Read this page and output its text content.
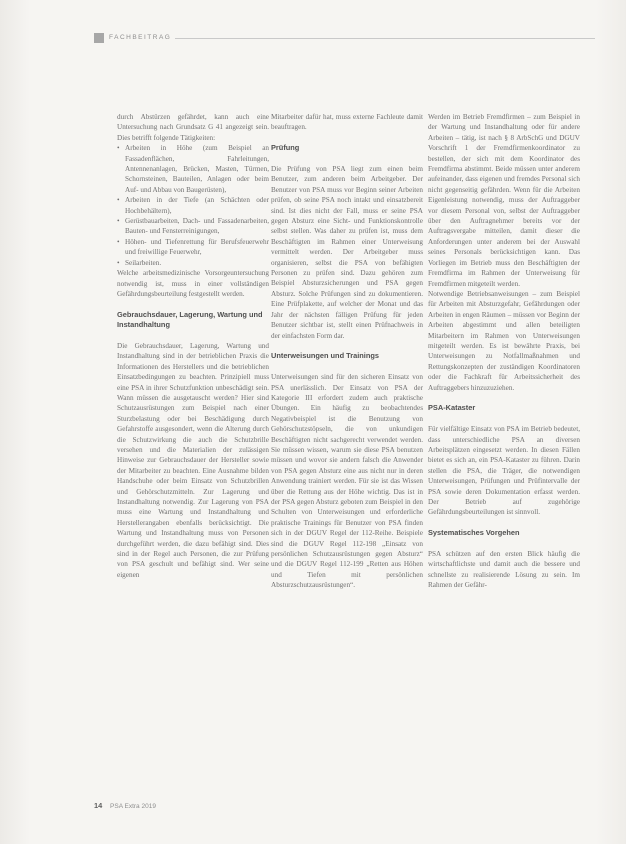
FACHBEITRAG

durch Abstürzen gefährdet, kann auch eine Untersuchung nach Grundsatz G 41 angezeigt sein. Dies betrifft folgende Tätigkeiten:

• Arbeiten in Höhe (zum Beispiel an Fassadenflächen, Fahrleitungen, Antennenanlagen, Brücken, Masten, Türmen, Schornsteinen, Bauteilen, Anlagen oder beim Auf- und Abbau von Baugerüsten),
• Arbeiten in der Tiefe (an Schächten oder Hochbehältern),
• Gerüstbauarbeiten, Dach- und Fassadenarbeiten, Bauten- und Fensterreinigungen,
• Höhen- und Tiefenrettung für Berufsfeuerwehr und freiwillige Feuerwehr,
• Seilarbeiten.

Welche arbeitsmedizinische Vorsorgeuntersuchung notwendig ist, muss in einer vollständigen Gefährdungsbeurteilung festgestellt werden.

Gebrauchsdauer, Lagerung, Wartung und Instandhaltung

Die Gebrauchsdauer, Lagerung, Wartung und Instandhaltung sind in der betrieblichen Praxis die Informationen des Herstellers und die betrieblichen Einsatzbedingungen zu beachten. Prinzipiell muss eine PSA in ihrer Schutzfunktion unbeschädigt sein. Wann müssen die ausgetauscht werden? Hier sind Schutzausrüstungen zum Beispiel nach einer Sturzbelastung oder bei Beschädigung durch Gefahrstoffe ausgesondert, wenn die Alterung durch die Schutzwirkung die auch die Schutzbrille versehen und die Materialien der zulässigen Hinweise zur Gebrauchsdauer der Hersteller sowie der Mitarbeiter zu beachten. Eine Ausnahme bilden Handschuhe oder beim Einsatz von Schutzbrillen und Gehörschutzmitteln. Zur Lagerung und Instandhaltung notwendig. Zur Lagerung von PSA muss eine Wartung und Instandhaltung und Herstellerangaben ebenfalls berücksichtigt. Die Wartung und Instandhaltung muss von Personen durchgeführt werden, die dazu befähigt sind. Dies sind in der Regel auch Personen, die zur Prüfung von PSA geschult und befähigt sind. Wer seine eigenen

Mitarbeiter dafür hat, muss externe Fachleute damit beauftragen.

Prüfung

Die Prüfung von PSA liegt zum einen beim Benutzer, zum anderen beim Arbeitgeber. Der Benutzer von PSA muss vor Beginn seiner Arbeiten prüfen, ob seine PSA noch intakt und einsatzbereit sind. Ist dies nicht der Fall, muss er seine PSA gegen Absturz eine Sicht- und Funktionskontrolle selbst stellen. Was daher zu prüfen ist, muss dem Beschäftigten im Rahmen einer Unterweisung vermittelt werden. Der Arbeitgeber muss organisieren, selbst die PSA von befähigten Personen zu prüfen sind. Dazu gehören zum Beispiel Absturzsicherungen und PSA gegen Absturz. Solche Prüfungen sind zu dokumentieren. Eine Prüfplakette, auf welcher der Monat und das Jahr der nächsten fälligen Prüfung für jeden Benutzer sichtbar ist, stellt einen Prüfnachweis in der einfachsten Form dar.

Unterweisungen und Trainings

Unterweisungen sind für den sicheren Einsatz von PSA unerlässlich. Der Einsatz von PSA der Kategorie III erfordert zudem auch praktische Übungen. Ein häufig zu beobachtendes Negativbeispiel ist die Benutzung von Gehörschutzstöpseln, die von unkundigen Beschäftigten nicht sachgerecht verwendet werden. Sie müssen wissen, warum sie diese PSA benutzen müssen und wovor sie andern falsch die Anwender von PSA gegen Absturz eine aus nicht nur in deren Anwendung trainiert werden. Für sie ist das Wissen über die Rettung aus der Höhe wichtig. Das ist in der PSA gegen Absturz geboten zum Beispiel in den Schulten von Unterweisungen und erforderliche praktische Trainings für Benutzer von PSA finden sich in der DGUV Regel der 112-Reihe. Beispiele sind die DGUV Regel 112-198 „Einsatz von persönlichen Schutzausrüstungen gegen Absturz“ und die DGUV Regel 112-199 „Retten aus Höhen und Tiefen mit persönlichen Absturzschutzausrüstungen“.

Werden im Betrieb Fremdfirmen – zum Beispiel in der Wartung und Instandhaltung oder für andere Arbeiten – tätig, ist nach § 8 ArbSchG und DGUV Vorschrift 1 der Fremdfirmenkoordinator zu bestellen, der sich mit dem Koordinator des Fremdfirma abstimmt. Beide müssen unter anderem aufeinander, dass eigenen und fremdes Personal sich nicht gegenseitig gefährden. Wenn für die Arbeiten Eigenleistung notwendig, muss der Auftraggeber vor diesem Personal von, selbst der Auftraggeber über den Auftragnehmer bereits vor der Auftragsvergabe mitteilen, damit dieser die Anforderungen unter anderem bei der Auswahl seines Personals berücksichtigen kann. Das Vorliegen im Betrieb muss den Beschäftigten der Fremdfirma im Rahmen der Unterweisung für Fremdfirmen mitgeteilt werden.

Notwendige Betriebsanweisungen – zum Beispiel für Arbeiten mit Absturzgefahr, Gefährdungen oder Arbeiten in engen Räumen – müssen vor Beginn der Arbeiten abgestimmt und allen beteiligten Mitarbeitern im Rahmen von Unterweisungen mitgeteilt werden. Es ist bewährte Praxis, bei Unterweisungen zu Notfallmaßnahmen und Rettungskonzepten der zuständigen Koordinatoren oder die Fachkraft für Arbeitssicherheit des Auftraggebers hinzuzuziehen.

PSA-Kataster

Für vielfältige Einsatz von PSA im Betrieb bedeutet, dass unterschiedliche PSA an diversen Arbeitsplätzen eingesetzt werden. In diesen Fällen bietet es sich an, ein PSA-Kataster zu führen. Darin stellen die PSA, die Träger, die notwendigen Unterweisungen, Prüfungen und Prüfintervalle der PSA sowie deren Dokumentation erfasst werden. Der Betrieb auf zugehörige Gefährdungsbeurteilungen ist sinnvoll.

Systematisches Vorgehen

PSA schützen auf den ersten Blick häufig die wirtschaftlichste und damit auch die bessere und schnellste zu realisierende Lösung zu sein. Im Rahmen der Gefähr-

14 PSA Extra 2019
